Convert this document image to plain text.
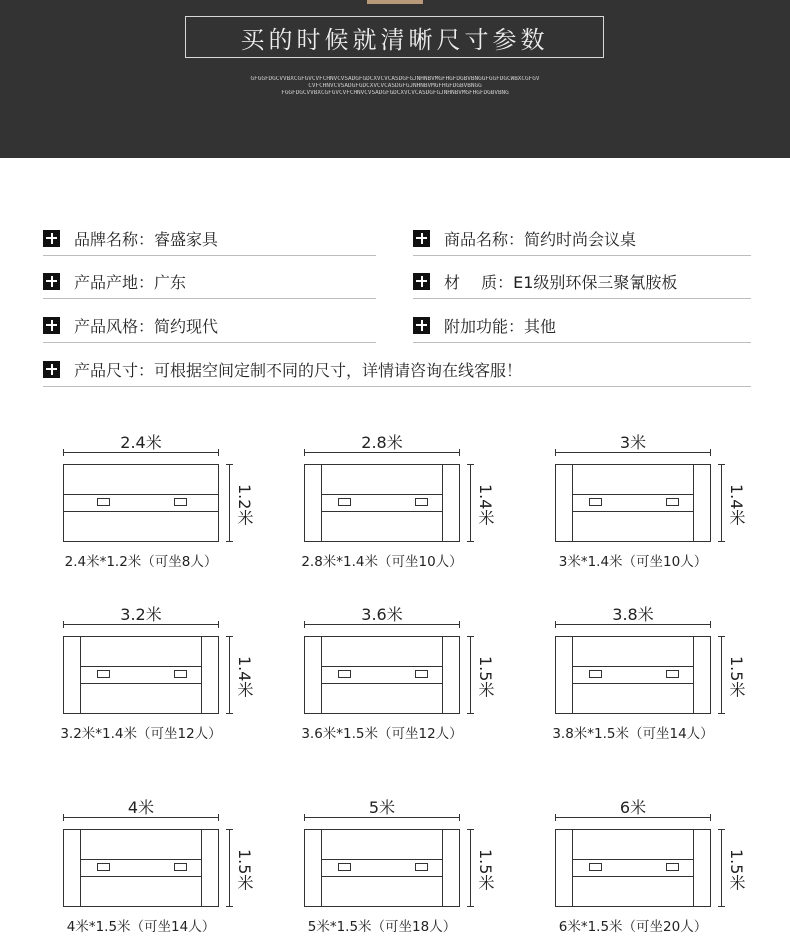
买的时候就清晰尺寸参数
GFGGFDGCVVBXCGFGVCVFCHNVCVSADGFGDCXVCVCASDGFGJNHNBVMGFHGFDGBVBNGGFGGFDGCWBXCGFGV
CVFCHNVCVSADGFGDCXVCVCASDGFGJNHNBVMGFHGFDGBVBNGG
FGGFDGCVVBXCGFGVCVFCHNVCVSADGFGDCXVCVCASDGFGJNHNBVMGFHGFDGBVBNG
品牌名称：睿盛家具	商品名称：简约时尚会议桌
产品产地：广东	材　 质：E1级别环保三聚氰胺板
产品风格：简约现代	附加功能：其他
产品尺寸：可根据空间定制不同的尺寸，详情请咨询在线客服！
2.4米
1.2米
2.4米*1.2米（可坐8人）
2.8米
1.4米
2.8米*1.4米（可坐10人）
3米
1.4米
3米*1.4米（可坐10人）
3.2米
1.4米
3.2米*1.4米（可坐12人）
3.6米
1.5米
3.6米*1.5米（可坐12人）
3.8米
1.5米
3.8米*1.5米（可坐14人）
4米
1.5米
4米*1.5米（可坐14人）
5米
1.5米
5米*1.5米（可坐18人）
6米
1.5米
6米*1.5米（可坐20人）
